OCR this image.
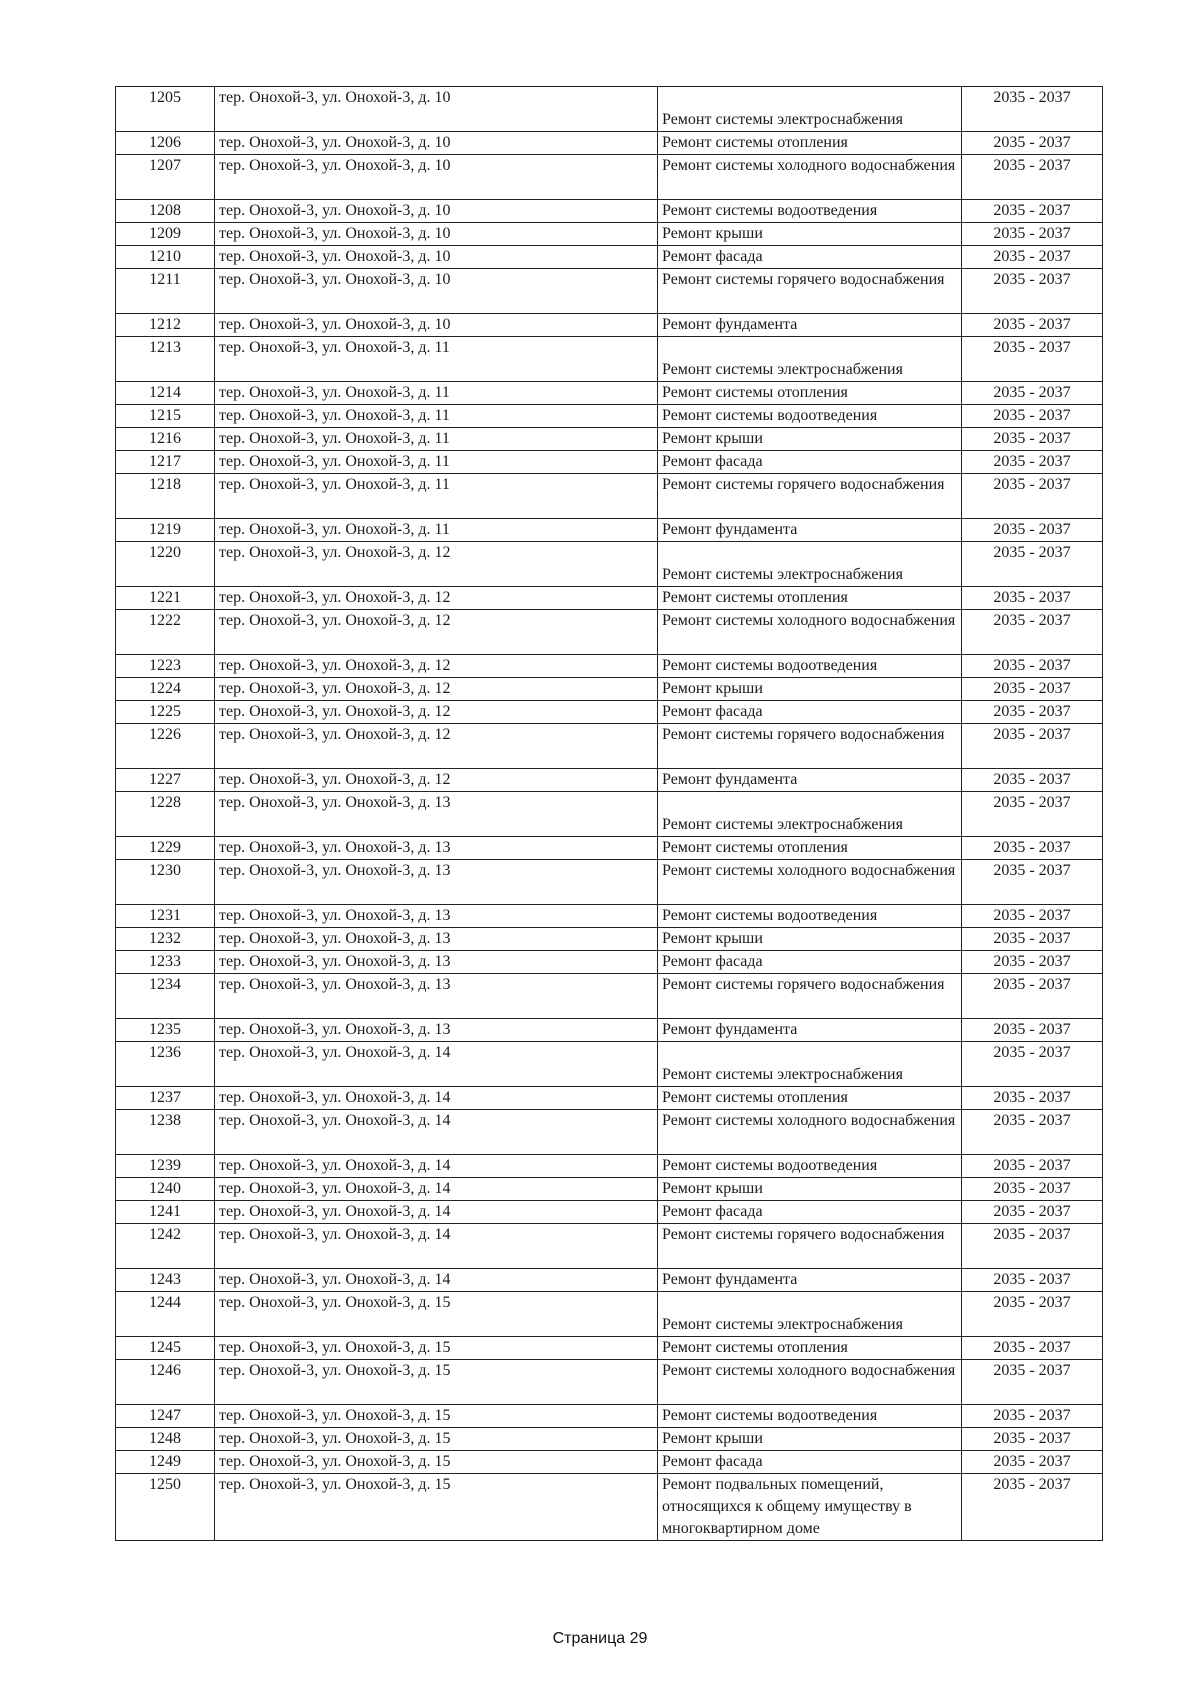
1205	тер. Онохой-3, ул. Онохой-3, д. 10	Ремонт системы электроснабжения	2035 - 2037
1206	тер. Онохой-3, ул. Онохой-3, д. 10	Ремонт системы отопления	2035 - 2037
1207	тер. Онохой-3, ул. Онохой-3, д. 10	Ремонт системы холодного водоснабжения	2035 - 2037
1208	тер. Онохой-3, ул. Онохой-3, д. 10	Ремонт системы водоотведения	2035 - 2037
1209	тер. Онохой-3, ул. Онохой-3, д. 10	Ремонт крыши	2035 - 2037
1210	тер. Онохой-3, ул. Онохой-3, д. 10	Ремонт фасада	2035 - 2037
1211	тер. Онохой-3, ул. Онохой-3, д. 10	Ремонт системы горячего водоснабжения	2035 - 2037
1212	тер. Онохой-3, ул. Онохой-3, д. 10	Ремонт фундамента	2035 - 2037
1213	тер. Онохой-3, ул. Онохой-3, д. 11	Ремонт системы электроснабжения	2035 - 2037
1214	тер. Онохой-3, ул. Онохой-3, д. 11	Ремонт системы отопления	2035 - 2037
1215	тер. Онохой-3, ул. Онохой-3, д. 11	Ремонт системы водоотведения	2035 - 2037
1216	тер. Онохой-3, ул. Онохой-3, д. 11	Ремонт крыши	2035 - 2037
1217	тер. Онохой-3, ул. Онохой-3, д. 11	Ремонт фасада	2035 - 2037
1218	тер. Онохой-3, ул. Онохой-3, д. 11	Ремонт системы горячего водоснабжения	2035 - 2037
1219	тер. Онохой-3, ул. Онохой-3, д. 11	Ремонт фундамента	2035 - 2037
1220	тер. Онохой-3, ул. Онохой-3, д. 12	Ремонт системы электроснабжения	2035 - 2037
1221	тер. Онохой-3, ул. Онохой-3, д. 12	Ремонт системы отопления	2035 - 2037
1222	тер. Онохой-3, ул. Онохой-3, д. 12	Ремонт системы холодного водоснабжения	2035 - 2037
1223	тер. Онохой-3, ул. Онохой-3, д. 12	Ремонт системы водоотведения	2035 - 2037
1224	тер. Онохой-3, ул. Онохой-3, д. 12	Ремонт крыши	2035 - 2037
1225	тер. Онохой-3, ул. Онохой-3, д. 12	Ремонт фасада	2035 - 2037
1226	тер. Онохой-3, ул. Онохой-3, д. 12	Ремонт системы горячего водоснабжения	2035 - 2037
1227	тер. Онохой-3, ул. Онохой-3, д. 12	Ремонт фундамента	2035 - 2037
1228	тер. Онохой-3, ул. Онохой-3, д. 13	Ремонт системы электроснабжения	2035 - 2037
1229	тер. Онохой-3, ул. Онохой-3, д. 13	Ремонт системы отопления	2035 - 2037
1230	тер. Онохой-3, ул. Онохой-3, д. 13	Ремонт системы холодного водоснабжения	2035 - 2037
1231	тер. Онохой-3, ул. Онохой-3, д. 13	Ремонт системы водоотведения	2035 - 2037
1232	тер. Онохой-3, ул. Онохой-3, д. 13	Ремонт крыши	2035 - 2037
1233	тер. Онохой-3, ул. Онохой-3, д. 13	Ремонт фасада	2035 - 2037
1234	тер. Онохой-3, ул. Онохой-3, д. 13	Ремонт системы горячего водоснабжения	2035 - 2037
1235	тер. Онохой-3, ул. Онохой-3, д. 13	Ремонт фундамента	2035 - 2037
1236	тер. Онохой-3, ул. Онохой-3, д. 14	Ремонт системы электроснабжения	2035 - 2037
1237	тер. Онохой-3, ул. Онохой-3, д. 14	Ремонт системы отопления	2035 - 2037
1238	тер. Онохой-3, ул. Онохой-3, д. 14	Ремонт системы холодного водоснабжения	2035 - 2037
1239	тер. Онохой-3, ул. Онохой-3, д. 14	Ремонт системы водоотведения	2035 - 2037
1240	тер. Онохой-3, ул. Онохой-3, д. 14	Ремонт крыши	2035 - 2037
1241	тер. Онохой-3, ул. Онохой-3, д. 14	Ремонт фасада	2035 - 2037
1242	тер. Онохой-3, ул. Онохой-3, д. 14	Ремонт системы горячего водоснабжения	2035 - 2037
1243	тер. Онохой-3, ул. Онохой-3, д. 14	Ремонт фундамента	2035 - 2037
1244	тер. Онохой-3, ул. Онохой-3, д. 15	Ремонт системы электроснабжения	2035 - 2037
1245	тер. Онохой-3, ул. Онохой-3, д. 15	Ремонт системы отопления	2035 - 2037
1246	тер. Онохой-3, ул. Онохой-3, д. 15	Ремонт системы холодного водоснабжения	2035 - 2037
1247	тер. Онохой-3, ул. Онохой-3, д. 15	Ремонт системы водоотведения	2035 - 2037
1248	тер. Онохой-3, ул. Онохой-3, д. 15	Ремонт крыши	2035 - 2037
1249	тер. Онохой-3, ул. Онохой-3, д. 15	Ремонт фасада	2035 - 2037
1250	тер. Онохой-3, ул. Онохой-3, д. 15	Ремонт подвальных помещений, относящихся к общему имуществу в многоквартирном доме	2035 - 2037
Страница 29
